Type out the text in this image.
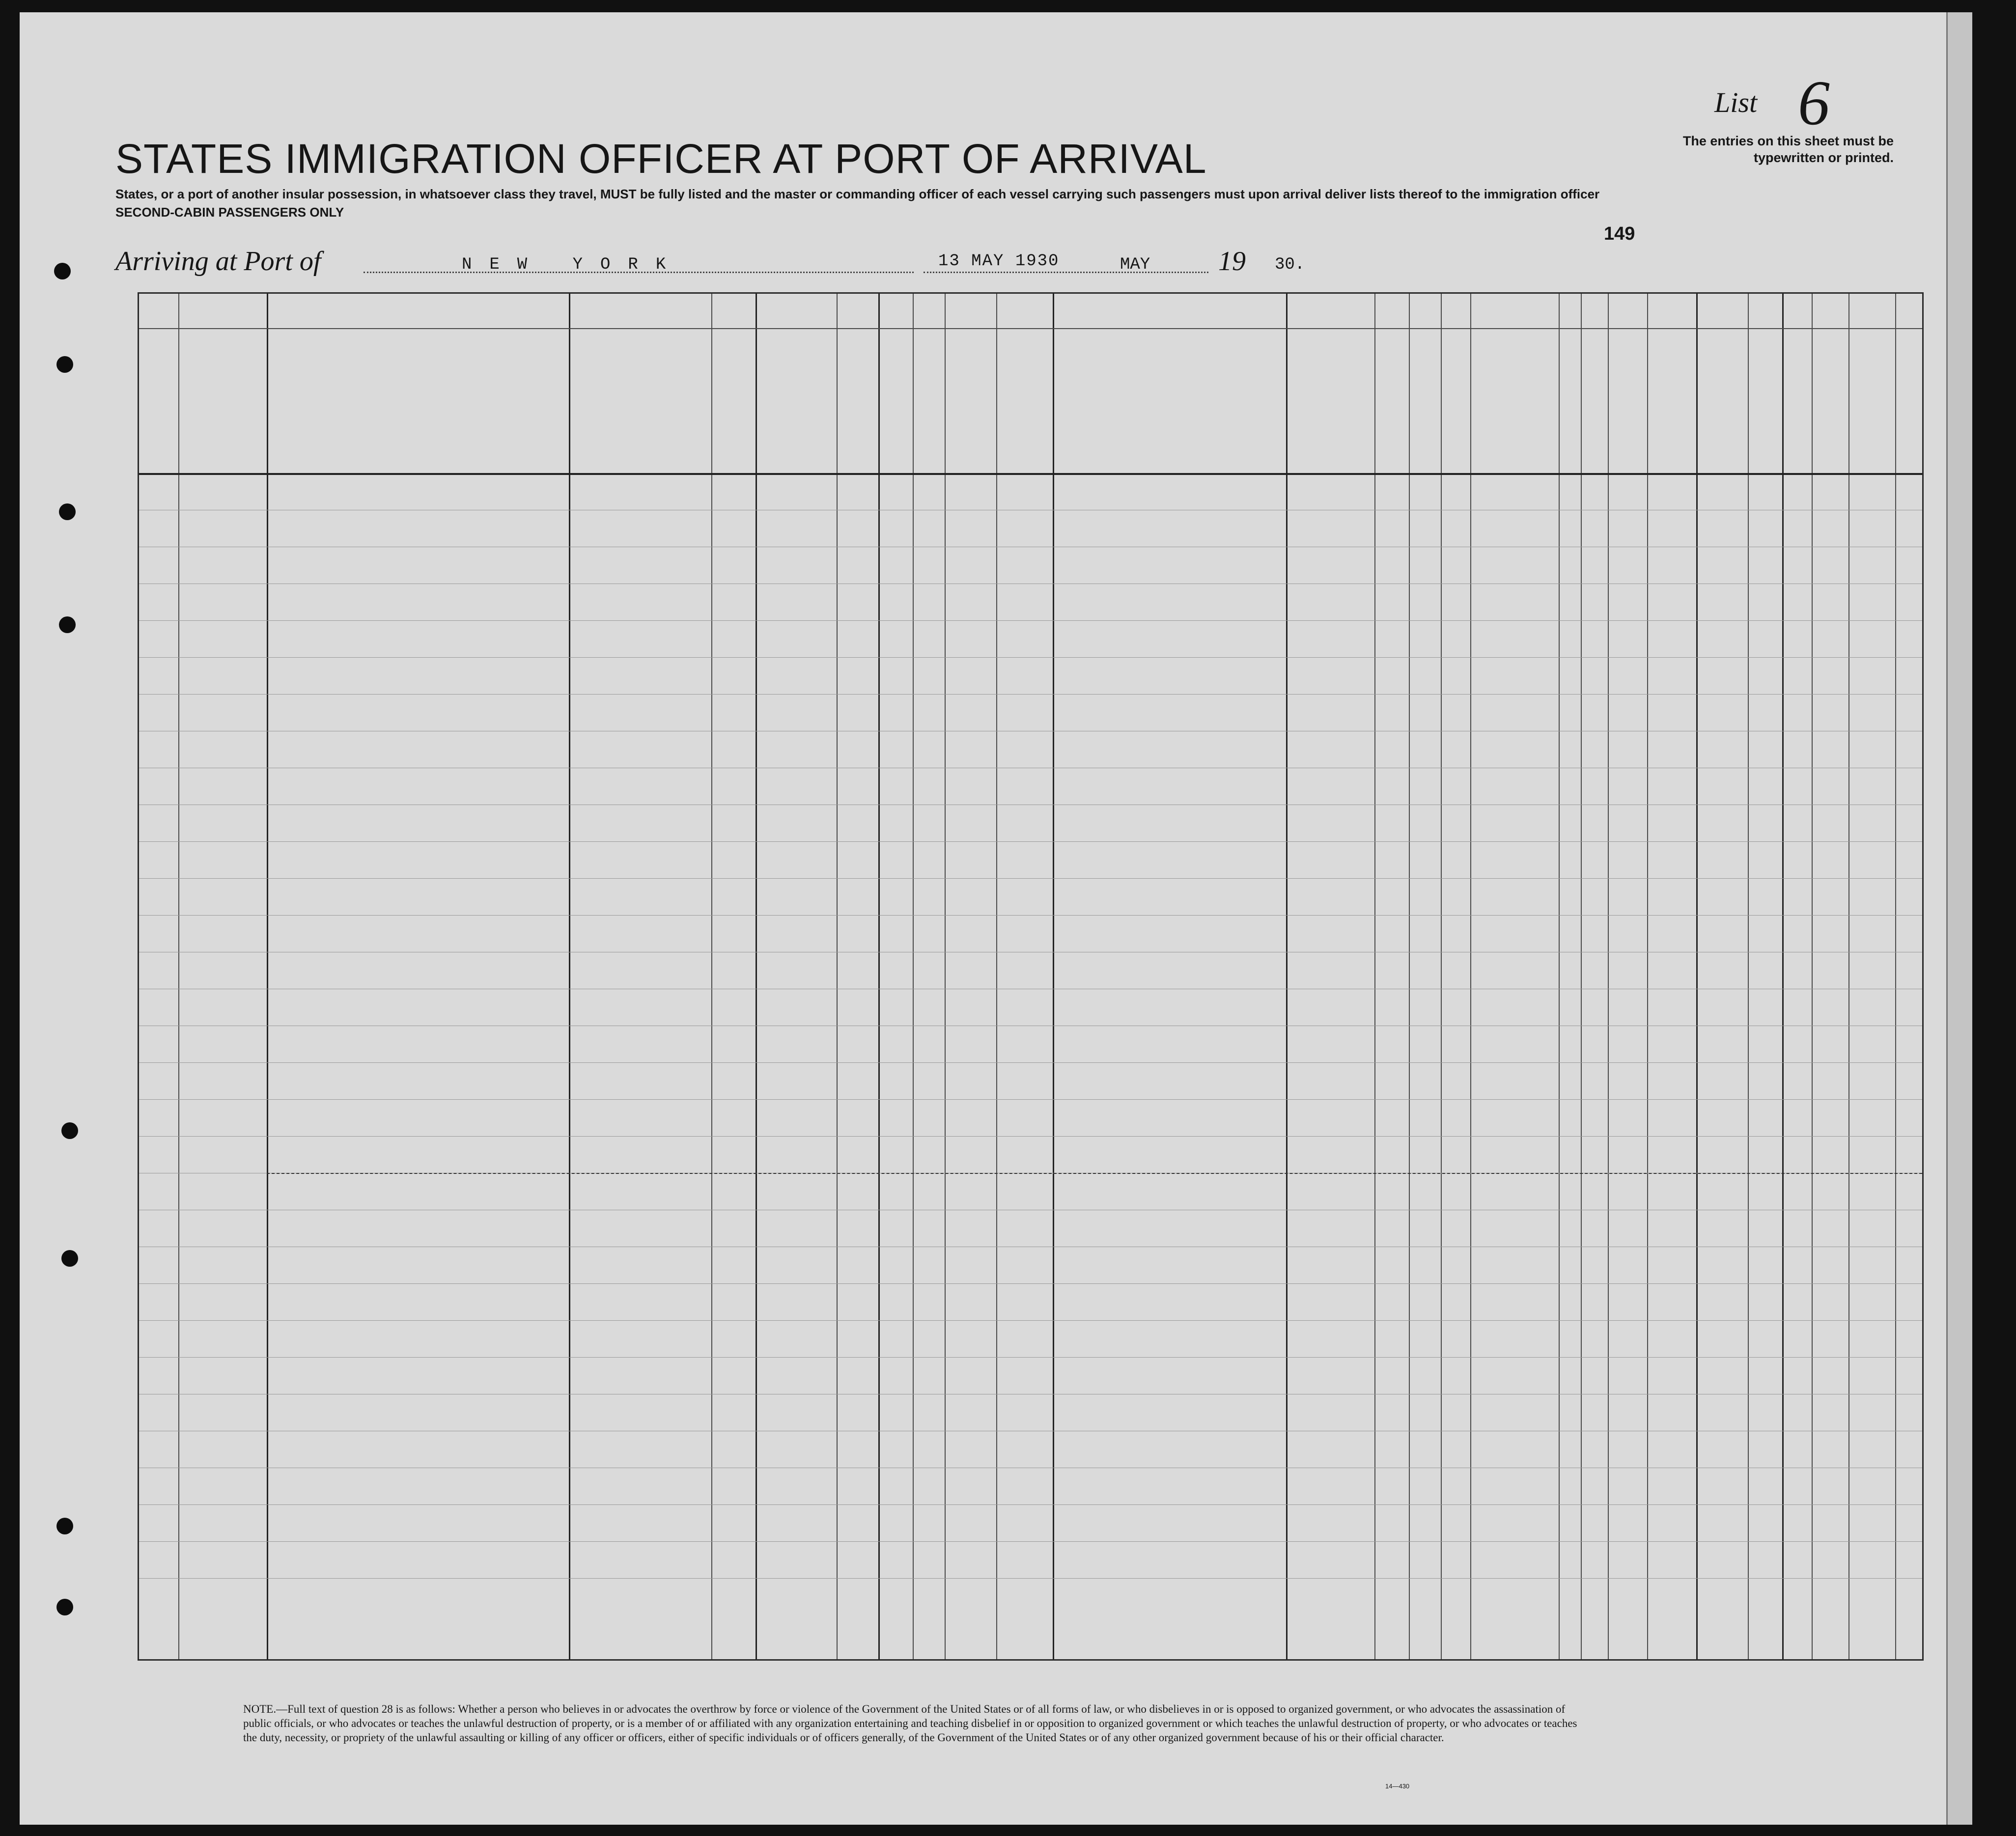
List 6
The entries on this sheet must be typewritten or printed.
STATES IMMIGRATION OFFICER AT PORT OF ARRIVAL
States, or a port of another insular possession, in whatsoever class they travel, MUST be fully listed and the master or commanding officer of each vessel carrying such passengers must upon arrival deliver lists thereof to the immigration officer
SECOND-CABIN PASSENGERS ONLY
Arriving at Port of	NEW YORK	13 MAY 1930	MAY 19 30.
149
NOTE.—Full text of question 28 is as follows: Whether a person who believes in or advocates the overthrow by force or violence of the Government of the United States or of all forms of law, or who disbelieves in or is opposed to organized government, or who advocates the assassination of public officials, or who advocates or teaches the unlawful destruction of property, or is a member of or affiliated with any organization entertaining and teaching disbelief in or opposition to organized government or which teaches the unlawful destruction of property, or who advocates or teaches the duty, necessity, or propriety of the unlawful assaulting or killing of any officer or officers, either of specific individuals or of officers generally, of the Government of the United States or of any other organized government because of his or their official character.
14—430
